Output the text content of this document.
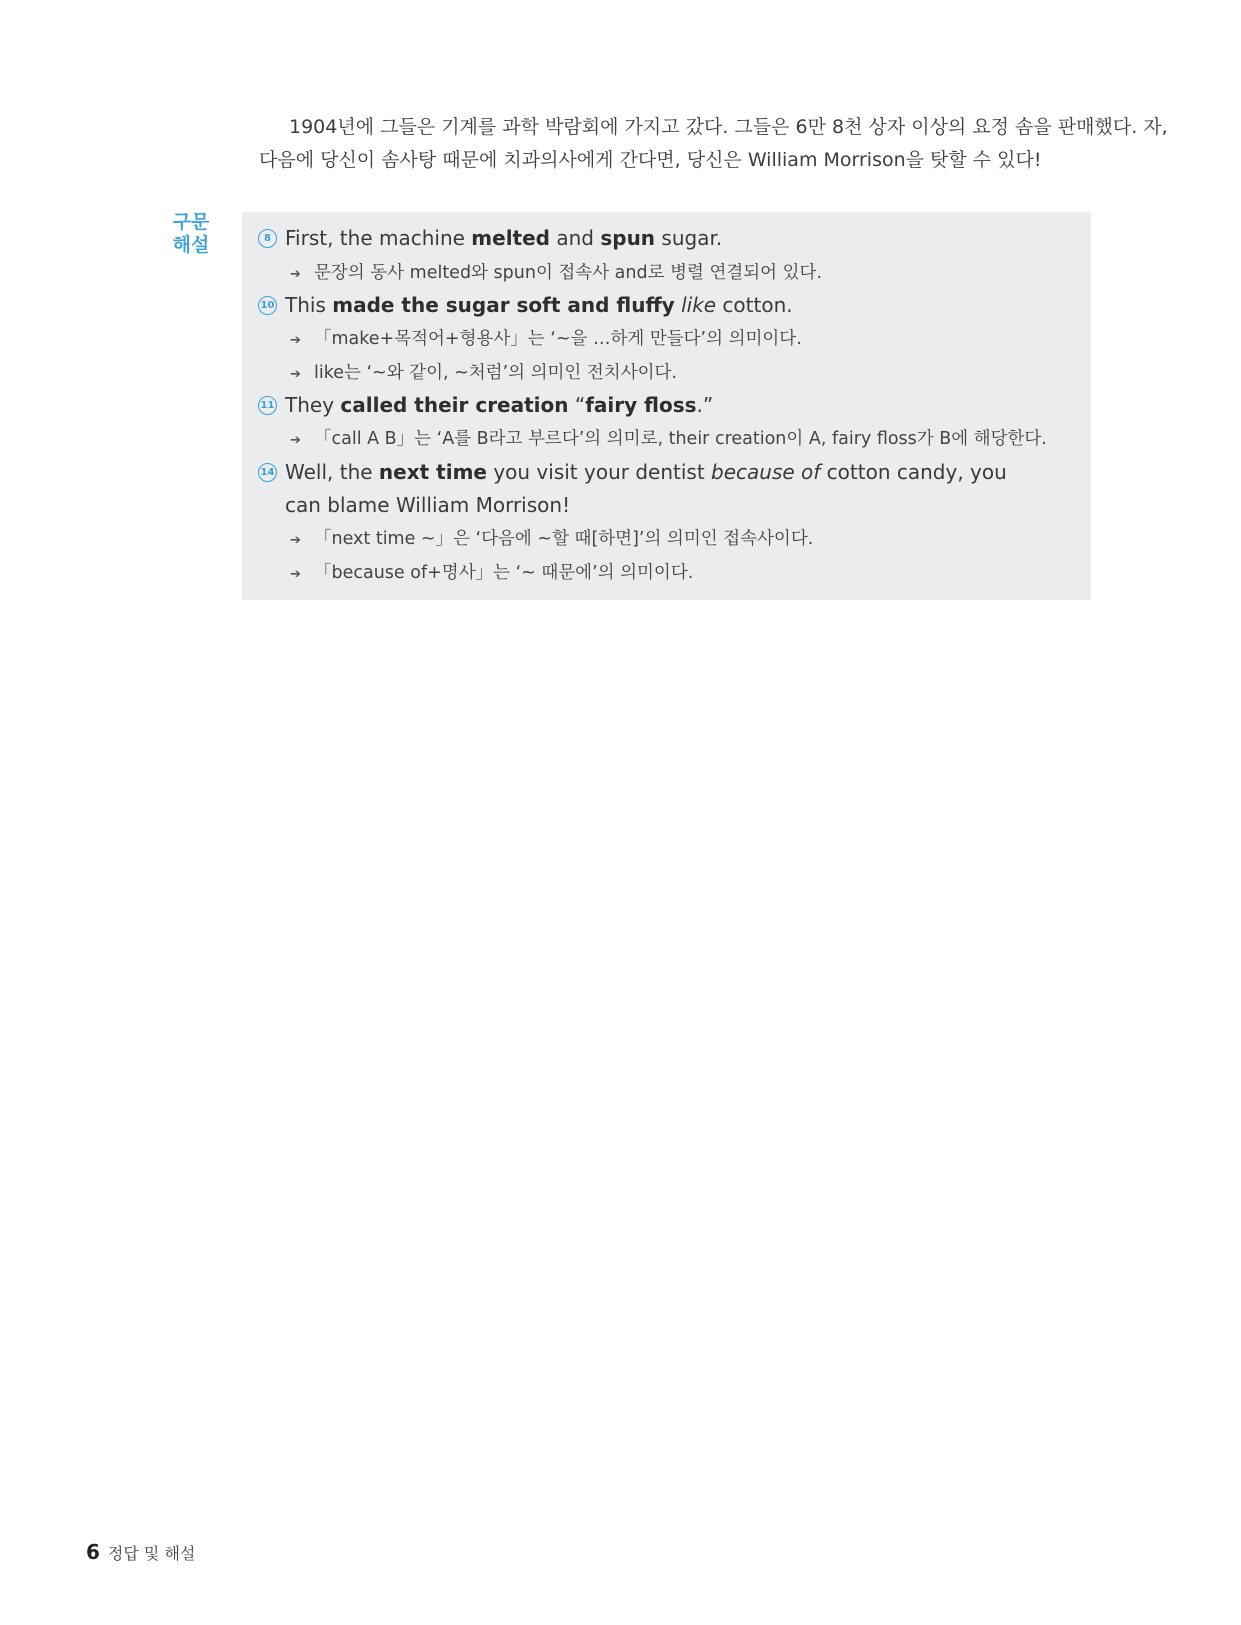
1904년에 그들은 기계를 과학 박람회에 가지고 갔다. 그들은 6만 8천 상자 이상의 요정 솜을 판매했다. 자,

다음에 당신이 솜사탕 때문에 치과의사에게 간다면, 당신은 William Morrison을 탓할 수 있다!

구문
해설	8 First, the machine melted and spun sugar.
➔ 문장의 동사 melted와 spun이 접속사 and로 병렬 연결되어 있다.
10 This made the sugar soft and fluffy like cotton.
➔ 「make+목적어+형용사」는 ‘~을 …하게 만들다’의 의미이다.
➔ like는 ‘~와 같이, ~처럼’의 의미인 전치사이다.
11 They called their creation “fairy floss.”
➔ 「call A B」는 ‘A를 B라고 부르다’의 의미로, their creation이 A, fairy floss가 B에 해당한다.
14 Well, the next time you visit your dentist because of cotton candy, you can blame William Morrison!
➔ 「next time ~」은 ‘다음에 ~할 때[하면]’의 의미인 접속사이다.
➔ 「because of+명사」는 ‘~ 때문에’의 의미이다.
6 정답 및 해설
